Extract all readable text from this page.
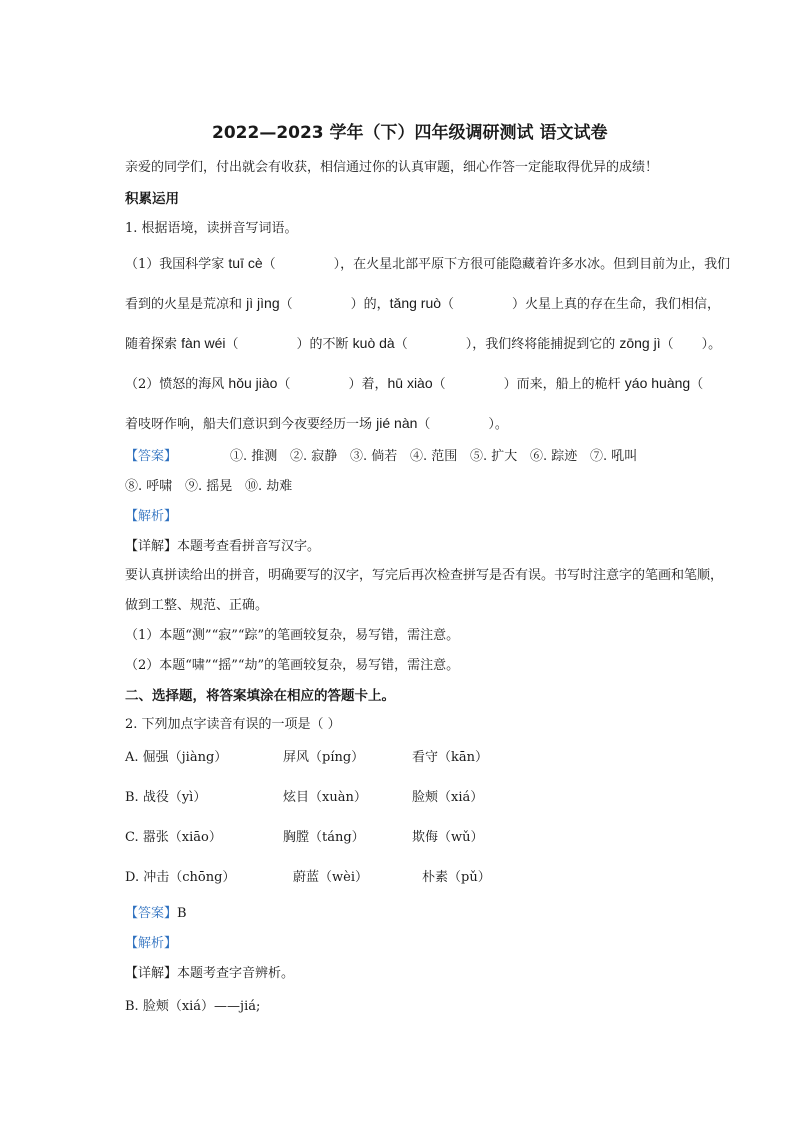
2022—2023 学年（下）四年级调研测试 语文试卷
亲爱的同学们，付出就会有收获，相信通过你的认真审题，细心作答一定能取得优异的成绩！
积累运用
1. 根据语境，读拼音写词语。
（1）我国科学家 tuī cè（	），在火星北部平原下方很可能隐藏着许多水冰。但到目前为止，我们
看到的火星是荒凉和 jì jìng（	）的，tǎng ruò（	）火星上真的存在生命，我们相信，
随着探索 fàn wéi（	）的不断 kuò dà（	），我们终将能捕捉到它的 zōng jì（ ）。
（2）愤怒的海风 hǒu jiào（	）着，hū xiào（	）而来，船上的桅杆 yáo huàng（
着吱呀作响，船夫们意识到今夜要经历一场 jié nàn（	）。
【答案】	①. 推测 ②. 寂静 ③. 倘若 ④. 范围 ⑤. 扩大 ⑥. 踪迹 ⑦. 吼叫
⑧. 呼啸 ⑨. 摇晃 ⑩. 劫难
【解析】
【详解】本题考查看拼音写汉字。
要认真拼读给出的拼音，明确要写的汉字，写完后再次检查拼写是否有误。书写时注意字的笔画和笔顺，
做到工整、规范、正确。
（1）本题“测”“寂”“踪”的笔画较复杂，易写错，需注意。
（2）本题“啸”“摇”“劫”的笔画较复杂，易写错，需注意。
二、选择题，将答案填涂在相应的答题卡上。
2. 下列加点字读音有误的一项是（ ）
A. 倔强（jiàng）	屏风（píng）	看守（kān）
B. 战役（yì）	炫目（xuàn）	脸颊（xiá）
C. 嚣张（xiāo）	胸膛（táng）	欺侮（wǔ）
D. 冲击（chōng）	蔚蓝（wèi）	朴素（pǔ）
【答案】B
【解析】
【详解】本题考查字音辨析。
B. 脸颊（xiá）——jiá;
